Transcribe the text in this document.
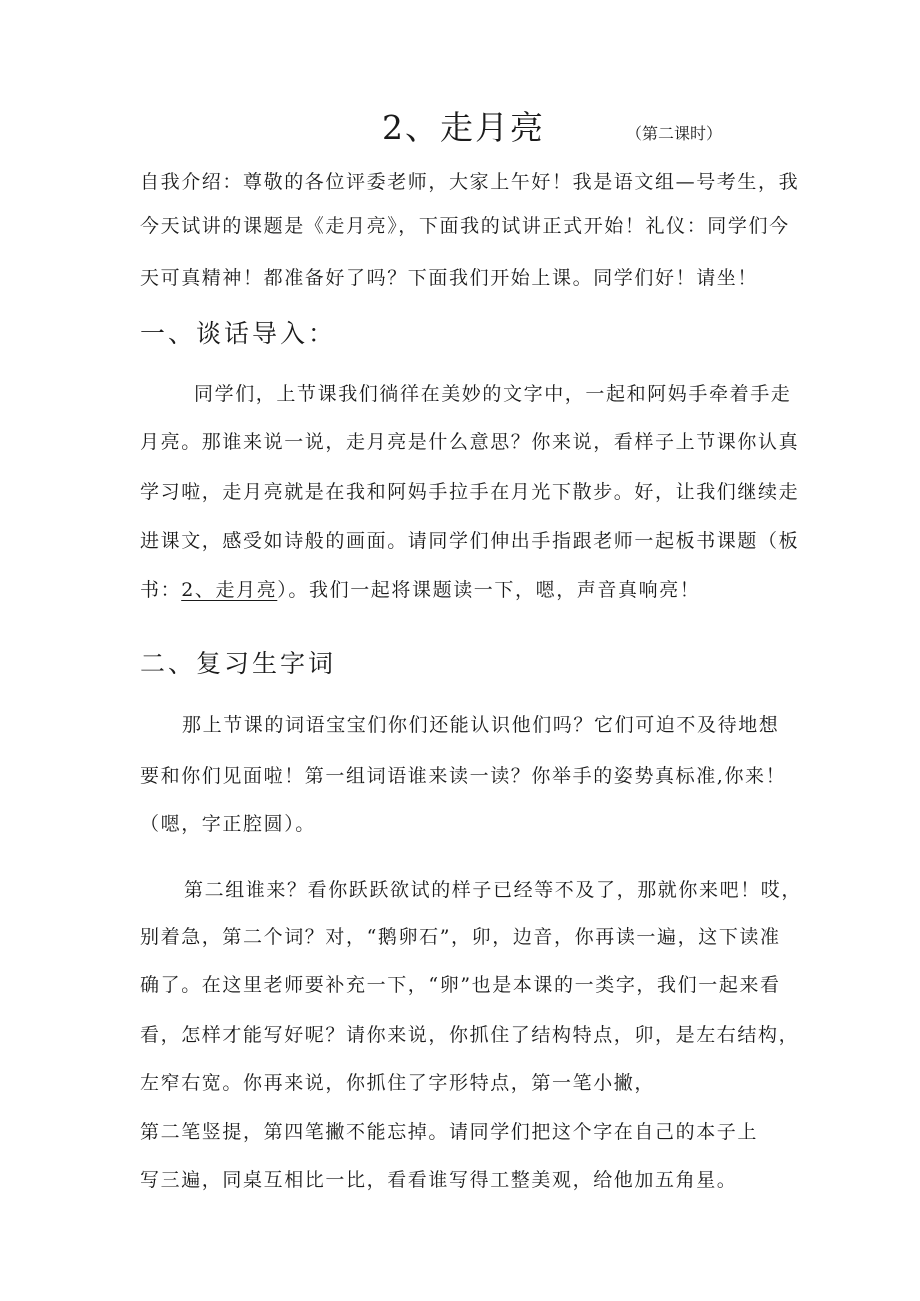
2、走月亮	（第二课时）
自我介绍：尊敬的各位评委老师，大家上午好！我是语文组—号考生，我
今天试讲的课题是《走月亮》，下面我的试讲正式开始！礼仪：同学们今
天可真精神！都准备好了吗？下面我们开始上课。同学们好！请坐！
一、谈话导入：
同学们，上节课我们徜徉在美妙的文字中，一起和阿妈手牵着手走
月亮。那谁来说一说，走月亮是什么意思？你来说，看样子上节课你认真
学习啦，走月亮就是在我和阿妈手拉手在月光下散步。好，让我们继续走
进课文，感受如诗般的画面。请同学们伸出手指跟老师一起板书课题（板
书：2、走月亮）。我们一起将课题读一下，嗯，声音真响亮！
二、复习生字词
那上节课的词语宝宝们你们还能认识他们吗？它们可迫不及待地想
要和你们见面啦！第一组词语谁来读一读？你举手的姿势真标准,你来！
（嗯，字正腔圆）。
第二组谁来？看你跃跃欲试的样子已经等不及了，那就你来吧！哎，
别着急，第二个词？对，“鹅卵石”，卯，边音，你再读一遍，这下读准
确了。在这里老师要补充一下，“卵”也是本课的一类字，我们一起来看
看，怎样才能写好呢？请你来说，你抓住了结构特点，卯，是左右结构，
左窄右宽。你再来说，你抓住了字形特点，第一笔小撇，
第二笔竖提，第四笔撇不能忘掉。请同学们把这个字在自己的本子上
写三遍，同桌互相比一比，看看谁写得工整美观，给他加五角星。
